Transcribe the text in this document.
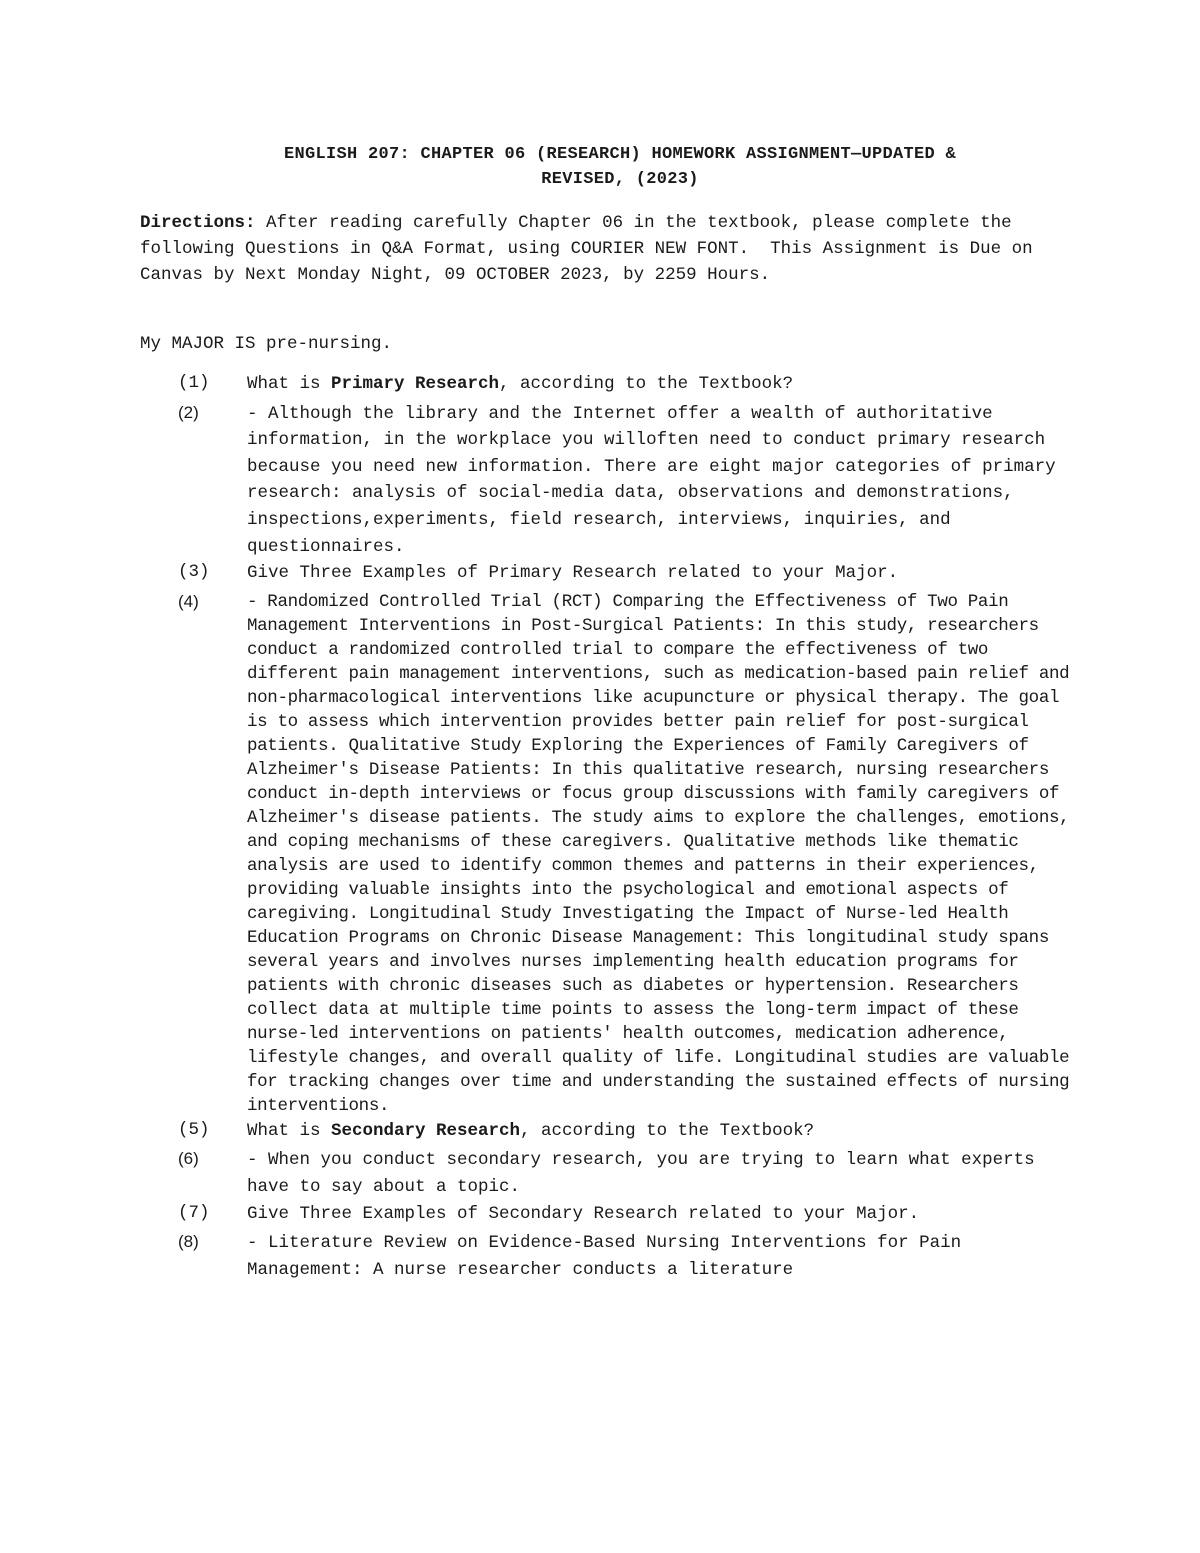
ENGLISH 207: CHAPTER 06 (RESEARCH) HOMEWORK ASSIGNMENT—UPDATED &
REVISED, (2023)
Directions: After reading carefully Chapter 06 in the textbook, please complete the following Questions in Q&A Format, using COURIER NEW FONT.  This Assignment is Due on Canvas by Next Monday Night, 09 OCTOBER 2023, by 2259 Hours.
My MAJOR IS pre-nursing.
(1) What is Primary Research, according to the Textbook?
(2)	- Although the library and the Internet offer a wealth of authoritative information, in the workplace you willoften need to conduct primary research because you need new information. There are eight major categories of primary research: analysis of social-media data, observations and demonstrations, inspections,experiments, field research, interviews, inquiries, and questionnaires.
(3) Give Three Examples of Primary Research related to your Major.
(4)	- Randomized Controlled Trial (RCT) Comparing the Effectiveness of Two Pain Management Interventions in Post-Surgical Patients: In this study, researchers conduct a randomized controlled trial to compare the effectiveness of two different pain management interventions, such as medication-based pain relief and non-pharmacological interventions like acupuncture or physical therapy. The goal is to assess which intervention provides better pain relief for post-surgical patients. Qualitative Study Exploring the Experiences of Family Caregivers of Alzheimer's Disease Patients: In this qualitative research, nursing researchers conduct in-depth interviews or focus group discussions with family caregivers of Alzheimer's disease patients. The study aims to explore the challenges, emotions, and coping mechanisms of these caregivers. Qualitative methods like thematic analysis are used to identify common themes and patterns in their experiences, providing valuable insights into the psychological and emotional aspects of caregiving. Longitudinal Study Investigating the Impact of Nurse-led Health Education Programs on Chronic Disease Management: This longitudinal study spans several years and involves nurses implementing health education programs for patients with chronic diseases such as diabetes or hypertension. Researchers collect data at multiple time points to assess the long-term impact of these nurse-led interventions on patients' health outcomes, medication adherence, lifestyle changes, and overall quality of life. Longitudinal studies are valuable for tracking changes over time and understanding the sustained effects of nursing interventions.
(5) What is Secondary Research, according to the Textbook?
(6)	- When you conduct secondary research, you are trying to learn what experts have to say about a topic.
(7) Give Three Examples of Secondary Research related to your Major.
(8)	- Literature Review on Evidence-Based Nursing Interventions for Pain Management: A nurse researcher conducts a literature
